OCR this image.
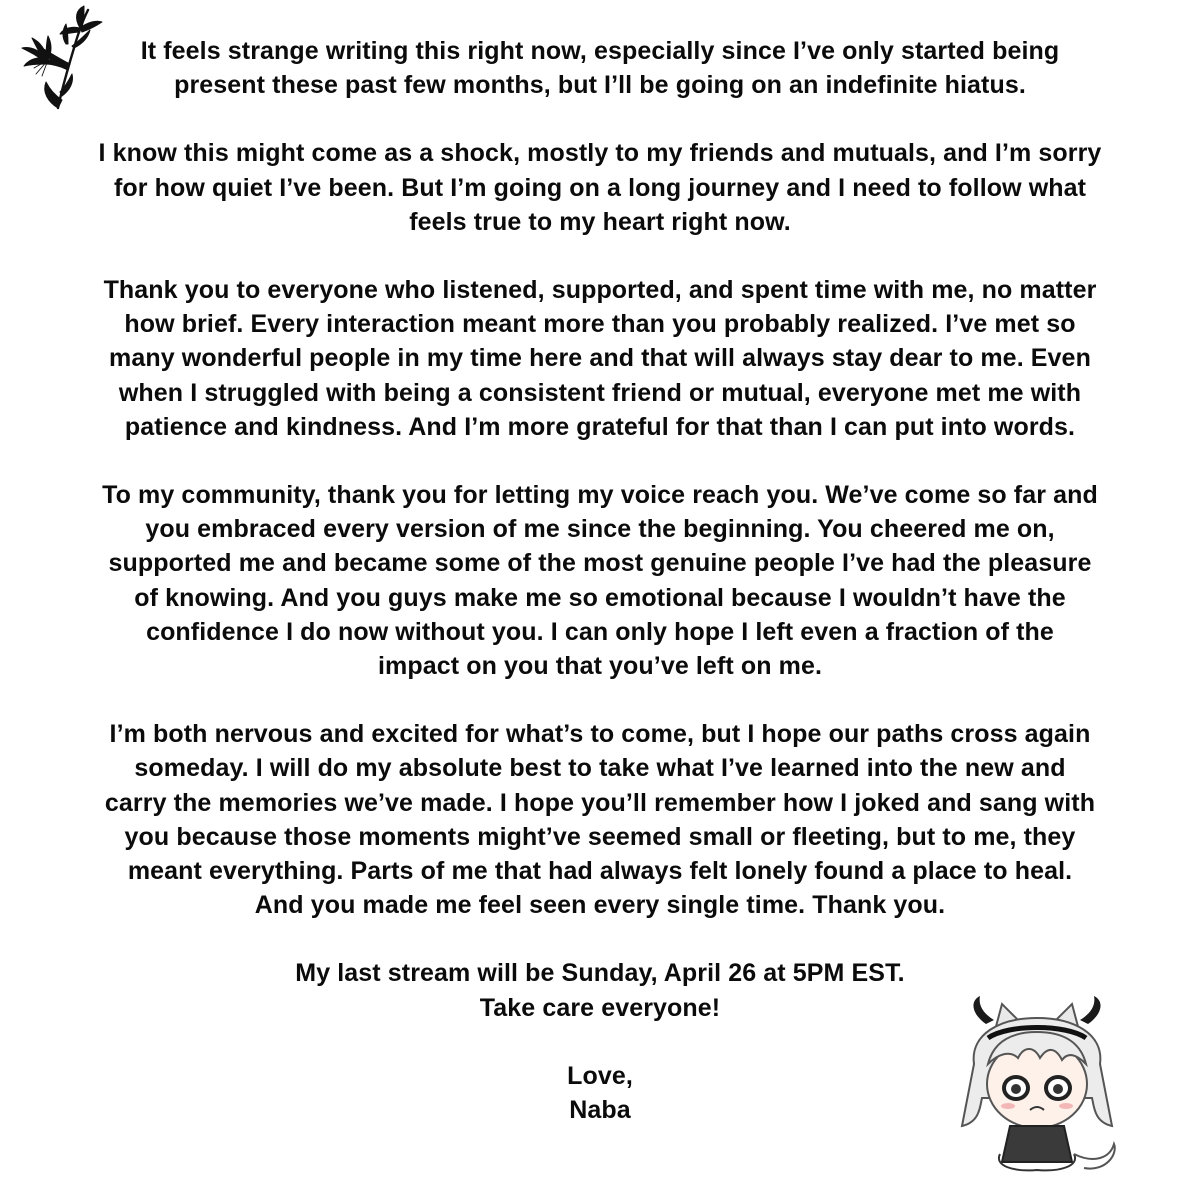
It feels strange writing this right now, especially since I’ve only started being
present these past few months, but I’ll be going on an indefinite hiatus.

I know this might come as a shock, mostly to my friends and mutuals, and I’m sorry
for how quiet I’ve been. But I’m going on a long journey and I need to follow what
feels true to my heart right now.

Thank you to everyone who listened, supported, and spent time with me, no matter
how brief. Every interaction meant more than you probably realized. I’ve met so
many wonderful people in my time here and that will always stay dear to me. Even
when I struggled with being a consistent friend or mutual, everyone met me with
patience and kindness. And I’m more grateful for that than I can put into words.

To my community, thank you for letting my voice reach you. We’ve come so far and
you embraced every version of me since the beginning. You cheered me on,
supported me and became some of the most genuine people I’ve had the pleasure
of knowing. And you guys make me so emotional because I wouldn’t have the
confidence I do now without you. I can only hope I left even a fraction of the
impact on you that you’ve left on me.

I’m both nervous and excited for what’s to come, but I hope our paths cross again
someday. I will do my absolute best to take what I’ve learned into the new and
carry the memories we’ve made. I hope you’ll remember how I joked and sang with
you because those moments might’ve seemed small or fleeting, but to me, they
meant everything. Parts of me that had always felt lonely found a place to heal.
And you made me feel seen every single time. Thank you.

My last stream will be Sunday, April 26 at 5PM EST.
Take care everyone!

Love,
Naba
